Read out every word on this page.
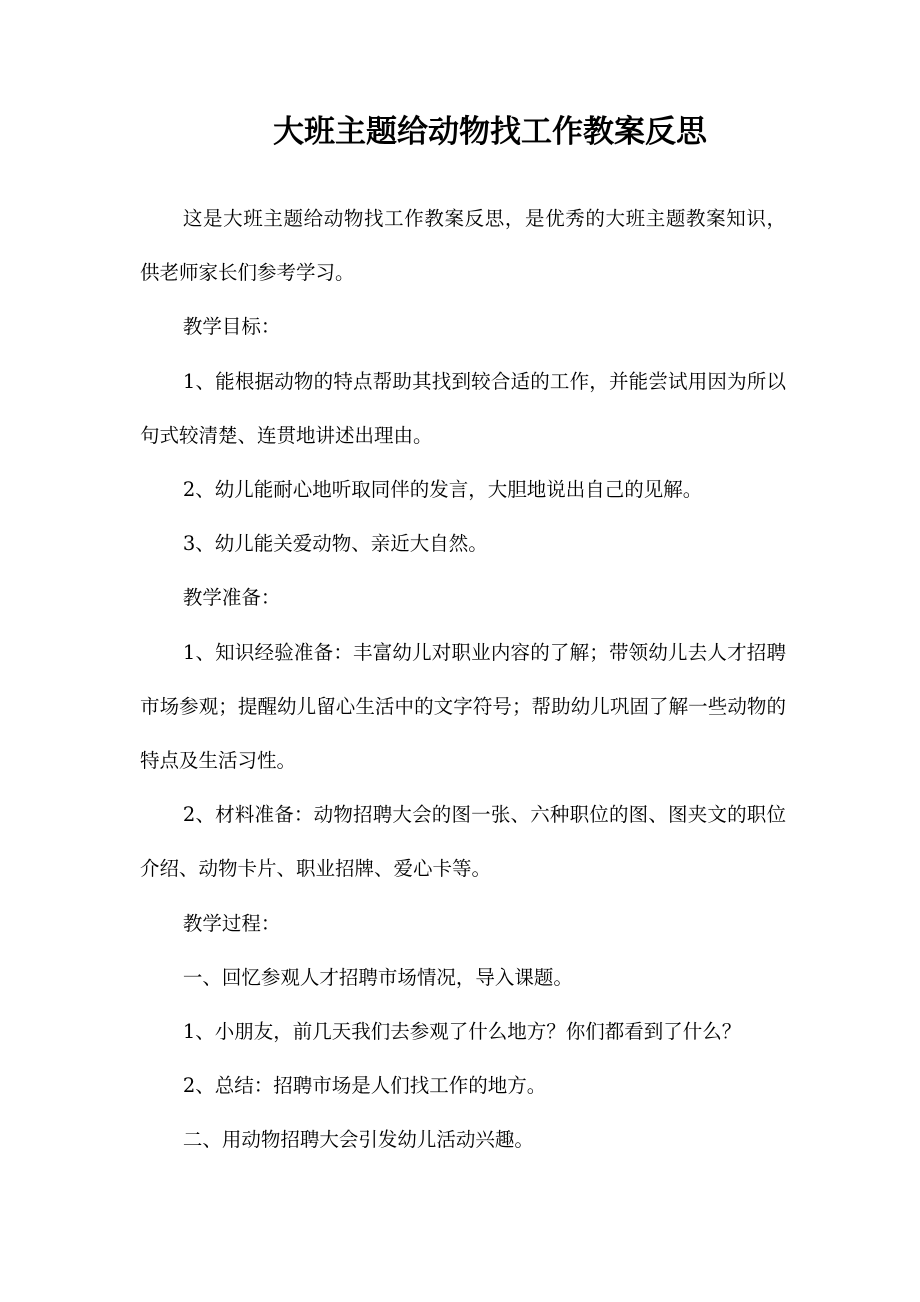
大班主题给动物找工作教案反思

这是大班主题给动物找工作教案反思，是优秀的大班主题教案知识，供老师家长们参考学习。

教学目标：

1、能根据动物的特点帮助其找到较合适的工作，并能尝试用因为所以句式较清楚、连贯地讲述出理由。

2、幼儿能耐心地听取同伴的发言，大胆地说出自己的见解。

3、幼儿能关爱动物、亲近大自然。

教学准备：

1、知识经验准备：丰富幼儿对职业内容的了解；带领幼儿去人才招聘市场参观；提醒幼儿留心生活中的文字符号；帮助幼儿巩固了解一些动物的特点及生活习性。

2、材料准备：动物招聘大会的图一张、六种职位的图、图夹文的职位介绍、动物卡片、职业招牌、爱心卡等。

教学过程：

一、回忆参观人才招聘市场情况，导入课题。

1、小朋友，前几天我们去参观了什么地方？你们都看到了什么？

2、总结：招聘市场是人们找工作的地方。

二、用动物招聘大会引发幼儿活动兴趣。
